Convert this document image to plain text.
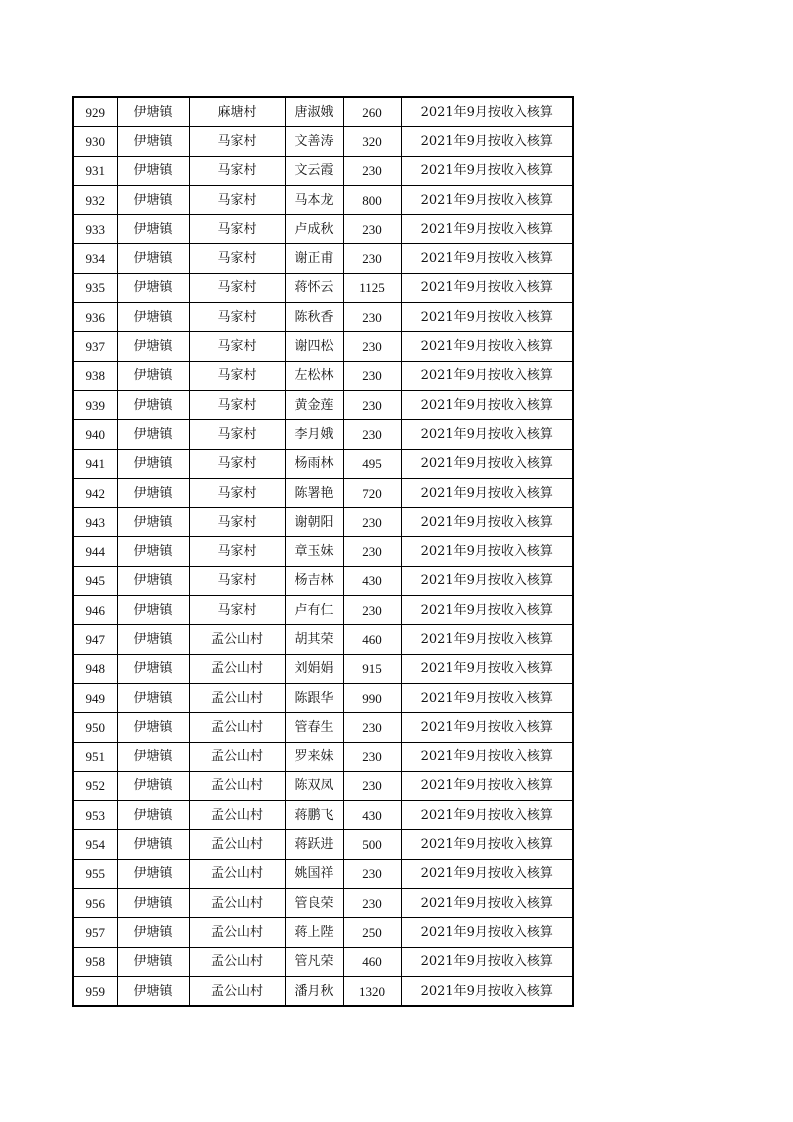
929	伊塘镇	麻塘村	唐淑娥	260	2021年9月按收入核算
930	伊塘镇	马家村	文善涛	320	2021年9月按收入核算
931	伊塘镇	马家村	文云霞	230	2021年9月按收入核算
932	伊塘镇	马家村	马本龙	800	2021年9月按收入核算
933	伊塘镇	马家村	卢成秋	230	2021年9月按收入核算
934	伊塘镇	马家村	谢正甫	230	2021年9月按收入核算
935	伊塘镇	马家村	蒋怀云	1125	2021年9月按收入核算
936	伊塘镇	马家村	陈秋香	230	2021年9月按收入核算
937	伊塘镇	马家村	谢四松	230	2021年9月按收入核算
938	伊塘镇	马家村	左松林	230	2021年9月按收入核算
939	伊塘镇	马家村	黄金莲	230	2021年9月按收入核算
940	伊塘镇	马家村	李月娥	230	2021年9月按收入核算
941	伊塘镇	马家村	杨雨林	495	2021年9月按收入核算
942	伊塘镇	马家村	陈署艳	720	2021年9月按收入核算
943	伊塘镇	马家村	谢朝阳	230	2021年9月按收入核算
944	伊塘镇	马家村	章玉妹	230	2021年9月按收入核算
945	伊塘镇	马家村	杨吉林	430	2021年9月按收入核算
946	伊塘镇	马家村	卢有仁	230	2021年9月按收入核算
947	伊塘镇	孟公山村	胡其荣	460	2021年9月按收入核算
948	伊塘镇	孟公山村	刘娟娟	915	2021年9月按收入核算
949	伊塘镇	孟公山村	陈跟华	990	2021年9月按收入核算
950	伊塘镇	孟公山村	管春生	230	2021年9月按收入核算
951	伊塘镇	孟公山村	罗来妹	230	2021年9月按收入核算
952	伊塘镇	孟公山村	陈双凤	230	2021年9月按收入核算
953	伊塘镇	孟公山村	蒋鹏飞	430	2021年9月按收入核算
954	伊塘镇	孟公山村	蒋跃进	500	2021年9月按收入核算
955	伊塘镇	孟公山村	姚国祥	230	2021年9月按收入核算
956	伊塘镇	孟公山村	管良荣	230	2021年9月按收入核算
957	伊塘镇	孟公山村	蒋上陛	250	2021年9月按收入核算
958	伊塘镇	孟公山村	管凡荣	460	2021年9月按收入核算
959	伊塘镇	孟公山村	潘月秋	1320	2021年9月按收入核算
